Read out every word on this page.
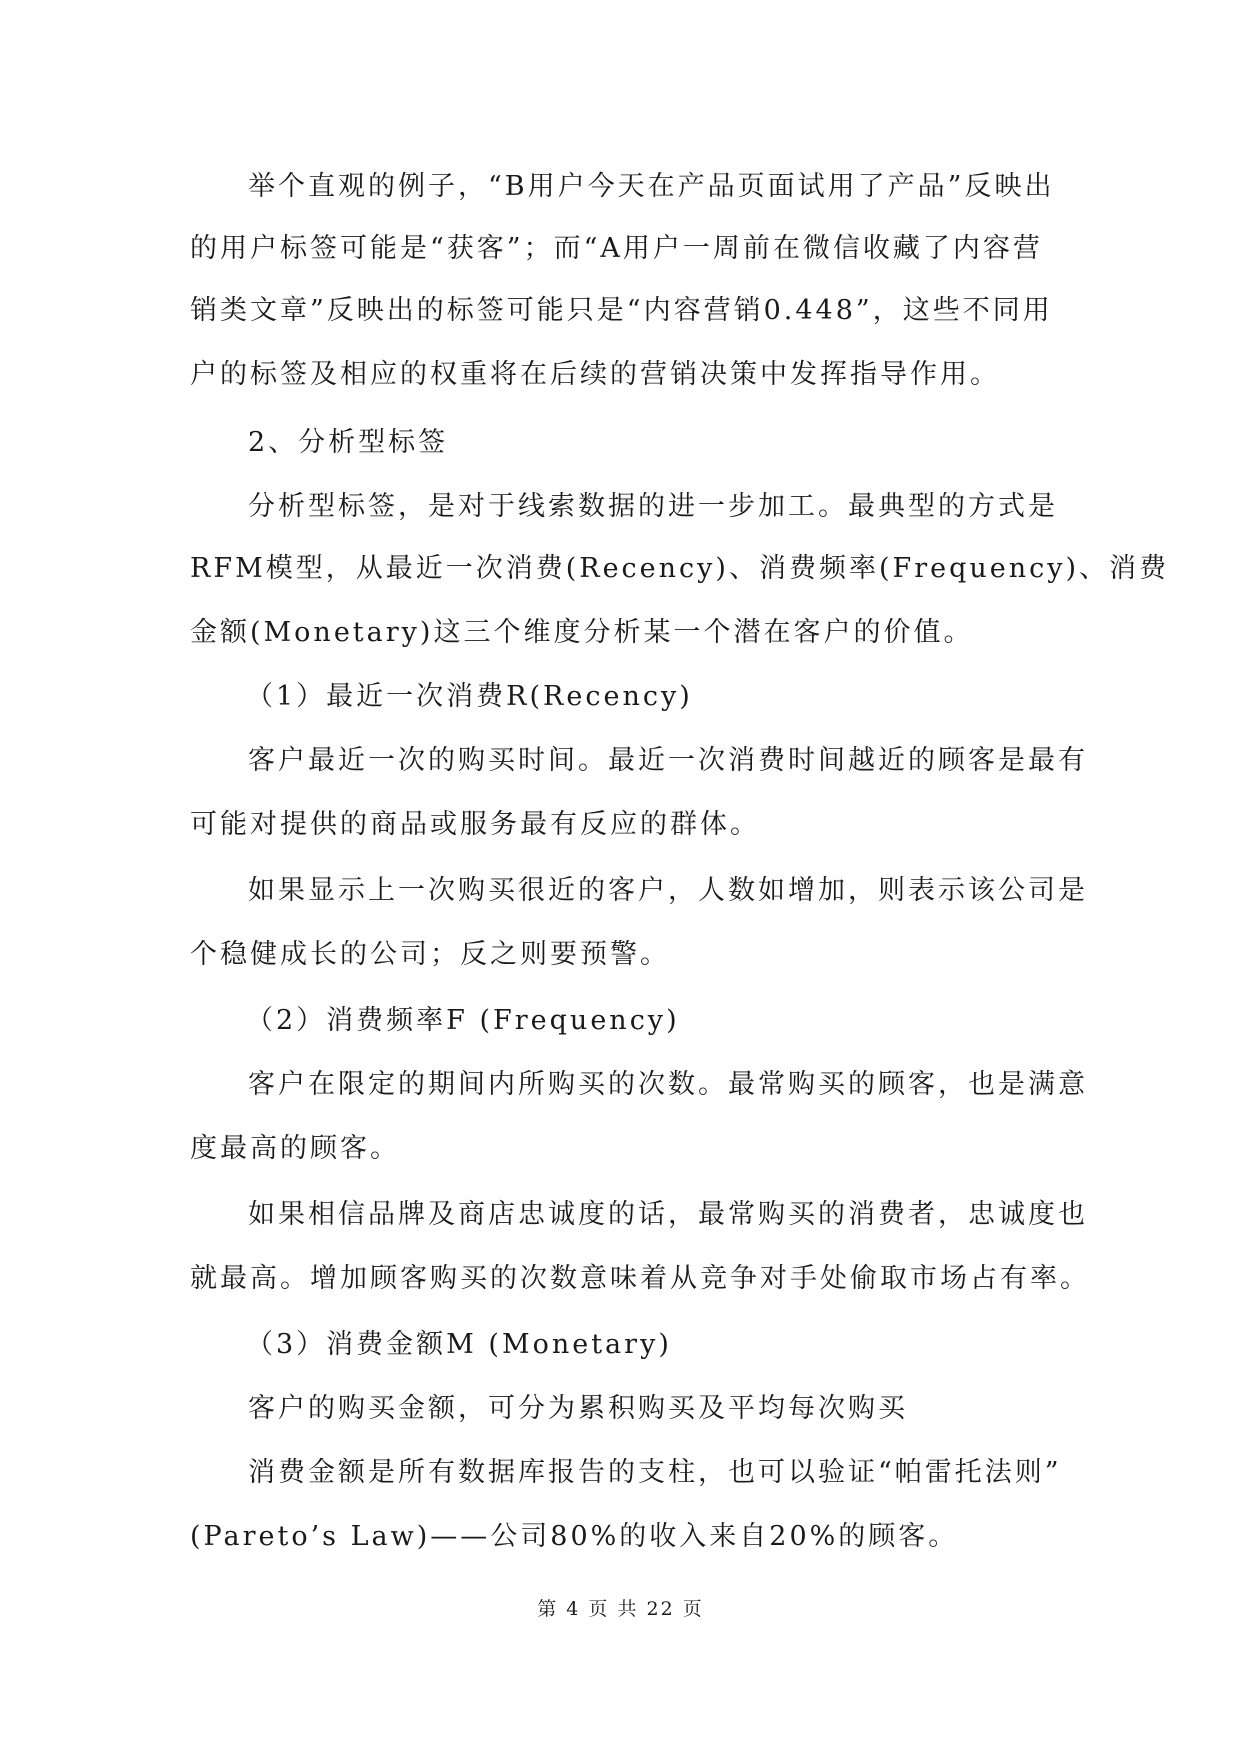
举个直观的例子，“B用户今天在产品页面试用了产品”反映出
的用户标签可能是“获客”；而“A用户一周前在微信收藏了内容营
销类文章”反映出的标签可能只是“内容营销0.448”，这些不同用
户的标签及相应的权重将在后续的营销决策中发挥指导作用。
2、分析型标签
分析型标签，是对于线索数据的进一步加工。最典型的方式是
RFM模型，从最近一次消费(Recency)、消费频率(Frequency)、消费
金额(Monetary)这三个维度分析某一个潜在客户的价值。
（1）最近一次消费R(Recency)
客户最近一次的购买时间。最近一次消费时间越近的顾客是最有
可能对提供的商品或服务最有反应的群体。
如果显示上一次购买很近的客户，人数如增加，则表示该公司是
个稳健成长的公司；反之则要预警。
（2）消费频率F (Frequency)
客户在限定的期间内所购买的次数。最常购买的顾客，也是满意
度最高的顾客。
如果相信品牌及商店忠诚度的话，最常购买的消费者，忠诚度也
就最高。增加顾客购买的次数意味着从竞争对手处偷取市场占有率。
（3）消费金额M (Monetary)
客户的购买金额，可分为累积购买及平均每次购买
消费金额是所有数据库报告的支柱，也可以验证“帕雷托法则”
(Pareto’s Law)——公司80%的收入来自20%的顾客。
第 4 页 共 22 页
